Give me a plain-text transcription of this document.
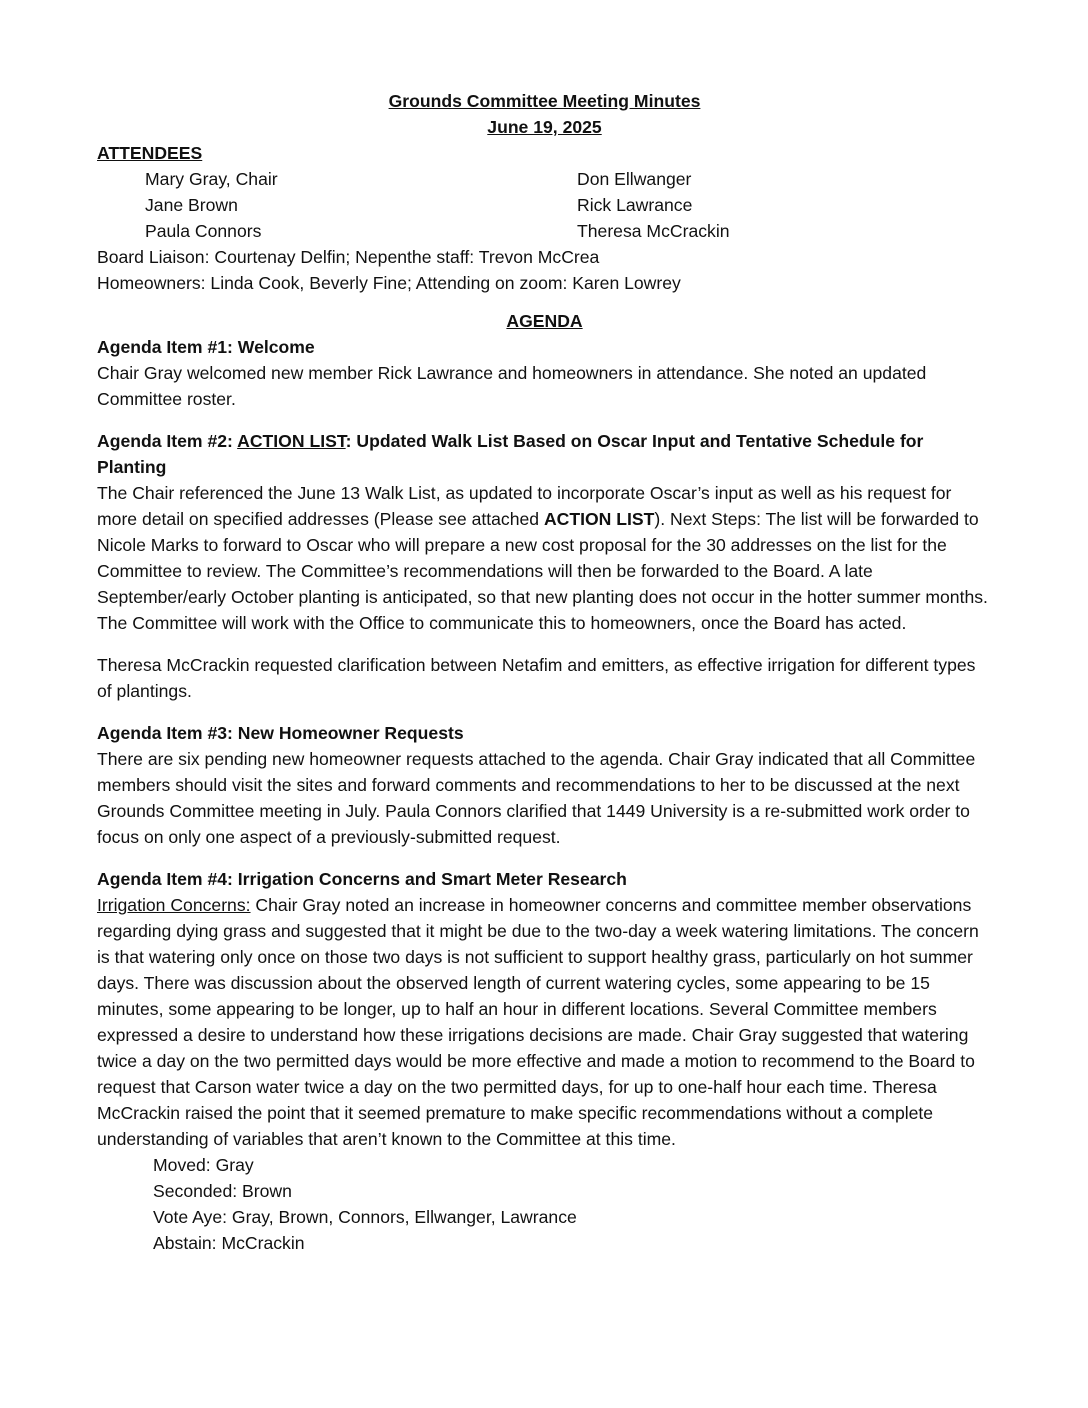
Grounds Committee Meeting Minutes

June 19, 2025

ATTENDEES

Mary Gray, Chair	Don Ellwanger
Jane Brown	Rick Lawrance
Paula Connors	Theresa McCrackin

Board Liaison: Courtenay Delfin; Nepenthe staff: Trevon McCrea

Homeowners: Linda Cook, Beverly Fine; Attending on zoom: Karen Lowrey

AGENDA

Agenda Item #1: Welcome

Chair Gray welcomed new member Rick Lawrance and homeowners in attendance. She noted an updated Committee roster.

Agenda Item #2: ACTION LIST: Updated Walk List Based on Oscar Input and Tentative Schedule for Planting

The Chair referenced the June 13 Walk List, as updated to incorporate Oscar’s input as well as his request for more detail on specified addresses (Please see attached ACTION LIST). Next Steps: The list will be forwarded to Nicole Marks to forward to Oscar who will prepare a new cost proposal for the 30 addresses on the list for the Committee to review. The Committee’s recommendations will then be forwarded to the Board. A late September/early October planting is anticipated, so that new planting does not occur in the hotter summer months. The Committee will work with the Office to communicate this to homeowners, once the Board has acted.

Theresa McCrackin requested clarification between Netafim and emitters, as effective irrigation for different types of plantings.

Agenda Item #3: New Homeowner Requests

There are six pending new homeowner requests attached to the agenda. Chair Gray indicated that all Committee members should visit the sites and forward comments and recommendations to her to be discussed at the next Grounds Committee meeting in July. Paula Connors clarified that 1449 University is a re-submitted work order to focus on only one aspect of a previously-submitted request.

Agenda Item #4: Irrigation Concerns and Smart Meter Research

Irrigation Concerns: Chair Gray noted an increase in homeowner concerns and committee member observations regarding dying grass and suggested that it might be due to the two-day a week watering limitations. The concern is that watering only once on those two days is not sufficient to support healthy grass, particularly on hot summer days. There was discussion about the observed length of current watering cycles, some appearing to be 15 minutes, some appearing to be longer, up to half an hour in different locations. Several Committee members expressed a desire to understand how these irrigations decisions are made. Chair Gray suggested that watering twice a day on the two permitted days would be more effective and made a motion to recommend to the Board to request that Carson water twice a day on the two permitted days, for up to one-half hour each time. Theresa McCrackin raised the point that it seemed premature to make specific recommendations without a complete understanding of variables that aren’t known to the Committee at this time.

Moved: Gray

Seconded: Brown

Vote Aye: Gray, Brown, Connors, Ellwanger, Lawrance

Abstain: McCrackin
